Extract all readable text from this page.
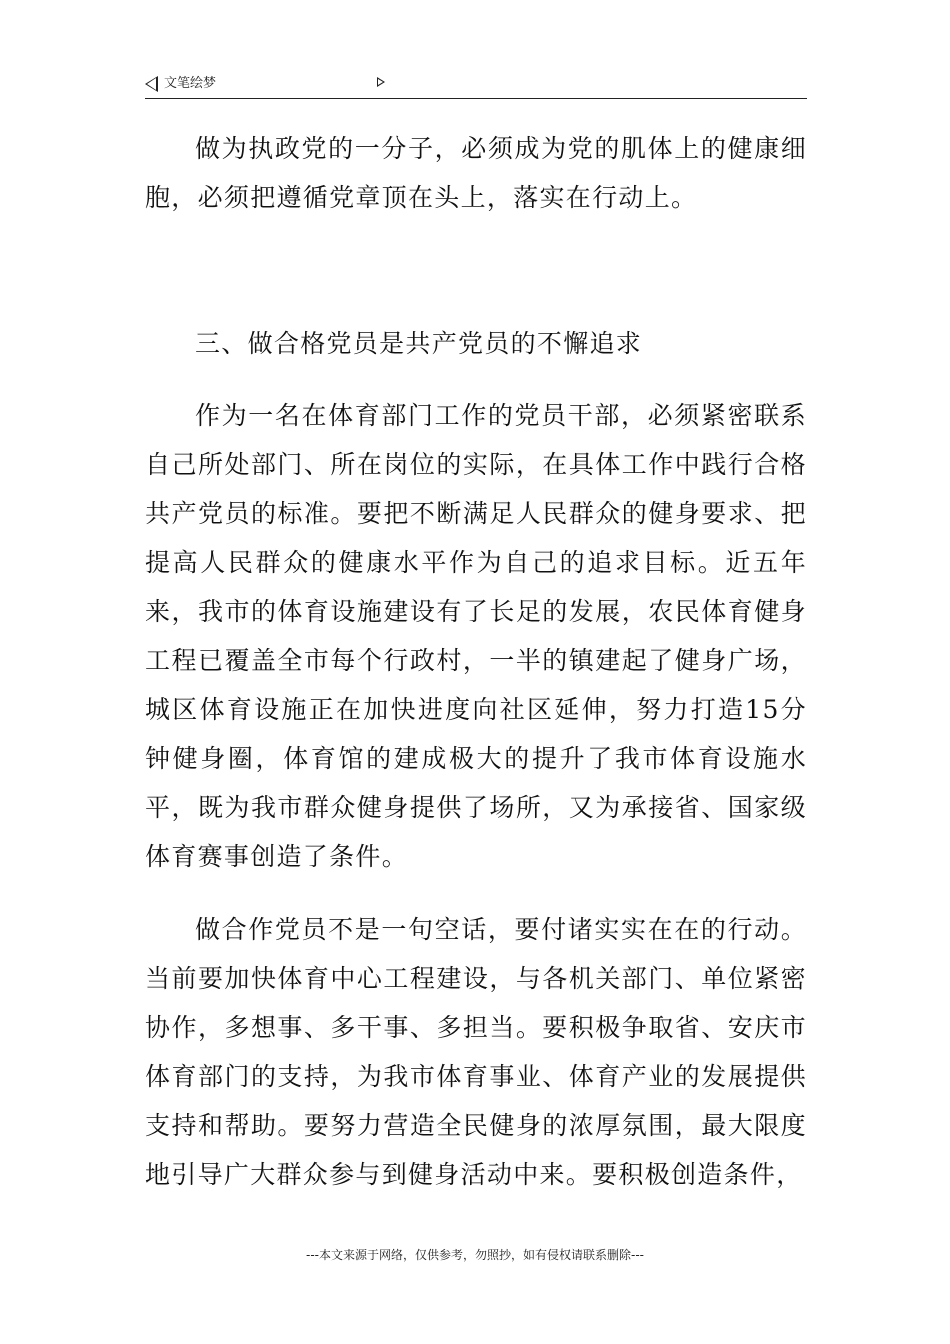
文笔绘梦

做为执政党的一分子，必须成为党的肌体上的健康细胞，必须把遵循党章顶在头上，落实在行动上。

三、做合格党员是共产党员的不懈追求

作为一名在体育部门工作的党员干部，必须紧密联系自己所处部门、所在岗位的实际，在具体工作中践行合格共产党员的标准。要把不断满足人民群众的健身要求、把提高人民群众的健康水平作为自己的追求目标。近五年来，我市的体育设施建设有了长足的发展，农民体育健身工程已覆盖全市每个行政村，一半的镇建起了健身广场，城区体育设施正在加快进度向社区延伸，努力打造15分钟健身圈，体育馆的建成极大的提升了我市体育设施水平，既为我市群众健身提供了场所，又为承接省、国家级体育赛事创造了条件。

做合作党员不是一句空话，要付诸实实在在的行动。当前要加快体育中心工程建设，与各机关部门、单位紧密协作，多想事、多干事、多担当。要积极争取省、安庆市体育部门的支持，为我市体育事业、体育产业的发展提供支持和帮助。要努力营造全民健身的浓厚氛围，最大限度地引导广大群众参与到健身活动中来。要积极创造条件，

---本文来源于网络，仅供参考，勿照抄，如有侵权请联系删除---
